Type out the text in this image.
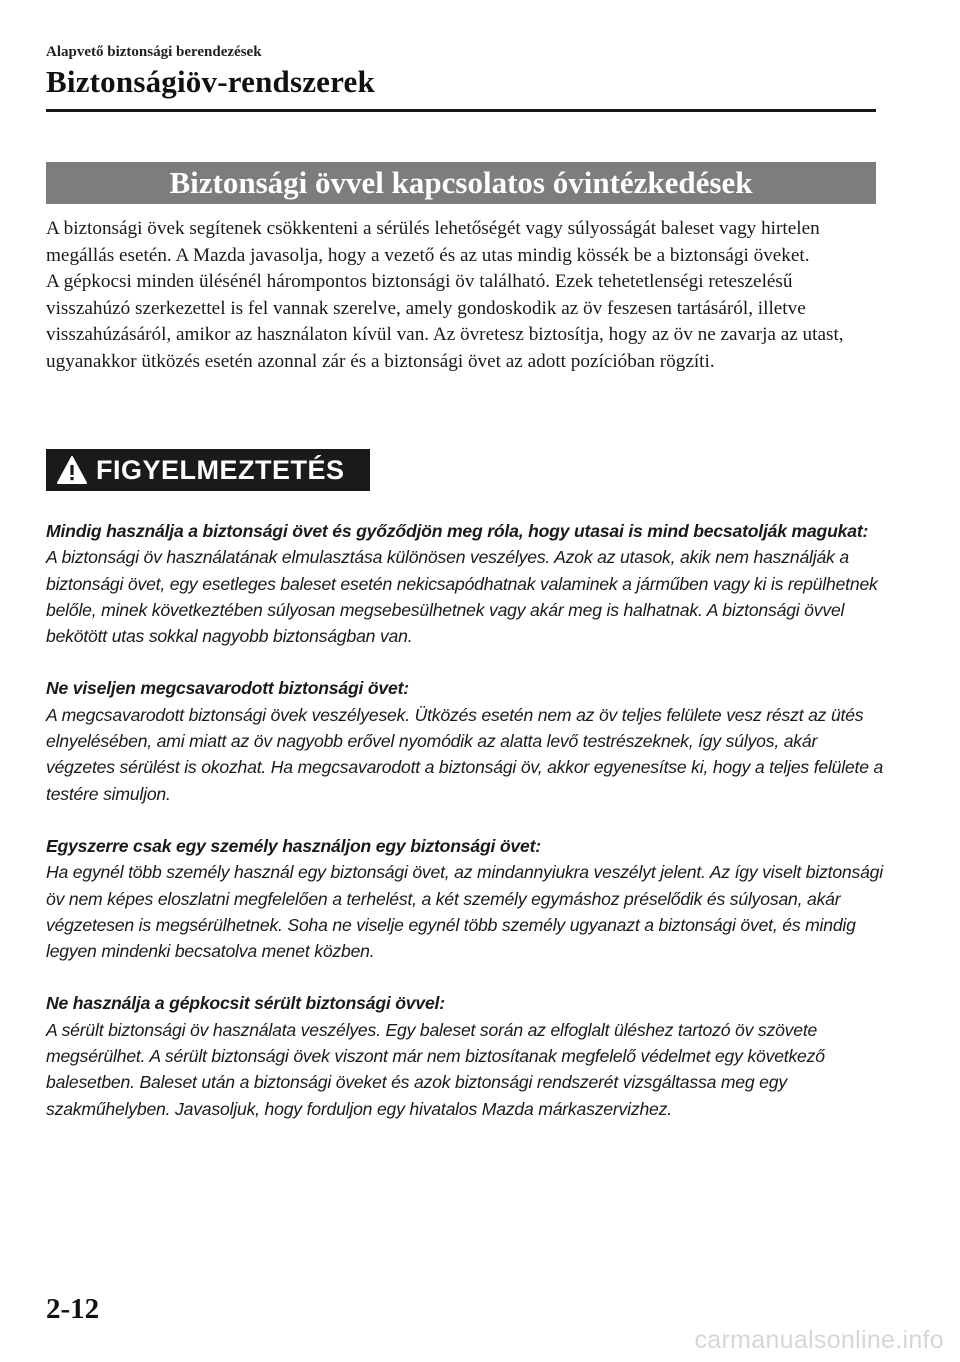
Alapvető biztonsági berendezések
Biztonságiöv-rendszerek
Biztonsági övvel kapcsolatos óvintézkedések

A biztonsági övek segítenek csökkenteni a sérülés lehetőségét vagy súlyosságát baleset vagy hirtelen megállás esetén. A Mazda javasolja, hogy a vezető és az utas mindig kössék be a biztonsági öveket.

A gépkocsi minden ülésénél hárompontos biztonsági öv található. Ezek tehetetlenségi reteszelésű visszahúzó szerkezettel is fel vannak szerelve, amely gondoskodik az öv feszesen tartásáról, illetve visszahúzásáról, amikor az használaton kívül van. Az övretesz biztosítja, hogy az öv ne zavarja az utast, ugyanakkor ütközés esetén azonnal zár és a biztonsági övet az adott pozícióban rögzíti.

FIGYELMEZTETÉS

Mindig használja a biztonsági övet és győződjön meg róla, hogy utasai is mind becsatolják magukat:

A biztonsági öv használatának elmulasztása különösen veszélyes. Azok az utasok, akik nem használják a biztonsági övet, egy esetleges baleset esetén nekicsapódhatnak valaminek a járműben vagy ki is repülhetnek belőle, minek következtében súlyosan megsebesülhetnek vagy akár meg is halhatnak. A biztonsági övvel bekötött utas sokkal nagyobb biztonságban van.

Ne viseljen megcsavarodott biztonsági övet:

A megcsavarodott biztonsági övek veszélyesek. Ütközés esetén nem az öv teljes felülete vesz részt az ütés elnyelésében, ami miatt az öv nagyobb erővel nyomódik az alatta levő testrészeknek, így súlyos, akár végzetes sérülést is okozhat. Ha megcsavarodott a biztonsági öv, akkor egyenesítse ki, hogy a teljes felülete a testére simuljon.

Egyszerre csak egy személy használjon egy biztonsági övet:

Ha egynél több személy használ egy biztonsági övet, az mindannyiukra veszélyt jelent. Az így viselt biztonsági öv nem képes eloszlatni megfelelően a terhelést, a két személy egymáshoz préselődik és súlyosan, akár végzetesen is megsérülhetnek. Soha ne viselje egynél több személy ugyanazt a biztonsági övet, és mindig legyen mindenki becsatolva menet közben.

Ne használja a gépkocsit sérült biztonsági övvel:

A sérült biztonsági öv használata veszélyes. Egy baleset során az elfoglalt üléshez tartozó öv szövete megsérülhet. A sérült biztonsági övek viszont már nem biztosítanak megfelelő védelmet egy következő balesetben. Baleset után a biztonsági öveket és azok biztonsági rendszerét vizsgáltassa meg egy szakműhelyben. Javasoljuk, hogy forduljon egy hivatalos Mazda márkaszervizhez.

2-12
carmanualsonline.info
